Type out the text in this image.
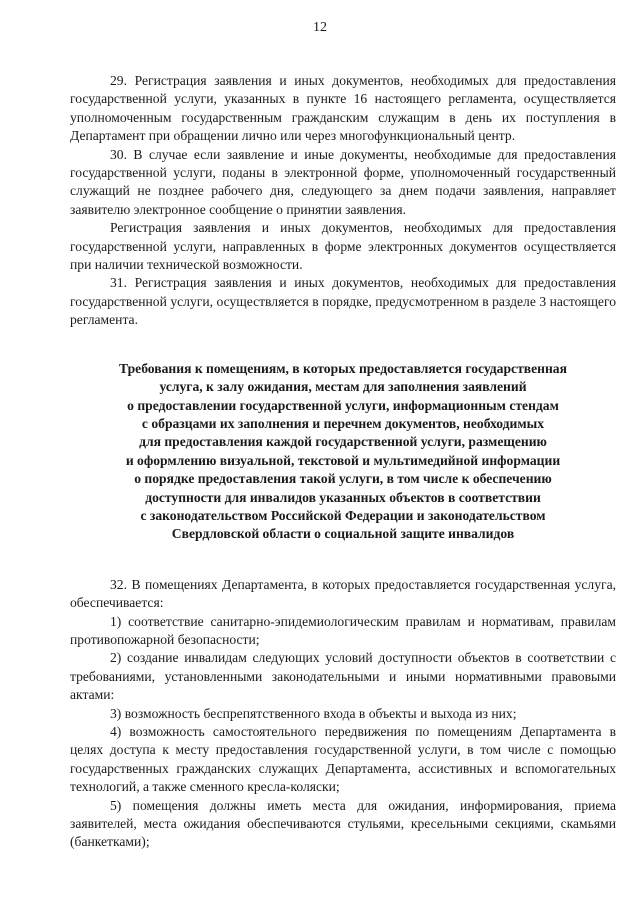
12

29. Регистрация заявления и иных документов, необходимых для предоставления государственной услуги, указанных в пункте 16 настоящего регламента, осуществляется уполномоченным государственным гражданским служащим в день их поступления в Департамент при обращении лично или через многофункциональный центр.

30. В случае если заявление и иные документы, необходимые для предоставления государственной услуги, поданы в электронной форме, уполномоченный государственный служащий не позднее рабочего дня, следующего за днем подачи заявления, направляет заявителю электронное сообщение о принятии заявления.

Регистрация заявления и иных документов, необходимых для предоставления государственной услуги, направленных в форме электронных документов осуществляется при наличии технической возможности.

31. Регистрация заявления и иных документов, необходимых для предоставления государственной услуги, осуществляется в порядке, предусмотренном в разделе 3 настоящего регламента.

Требования к помещениям, в которых предоставляется государственная
услуга, к залу ожидания, местам для заполнения заявлений
о предоставлении государственной услуги, информационным стендам
с образцами их заполнения и перечнем документов, необходимых
для предоставления каждой государственной услуги, размещению
и оформлению визуальной, текстовой и мультимедийной информации
о порядке предоставления такой услуги, в том числе к обеспечению
доступности для инвалидов указанных объектов в соответствии
с законодательством Российской Федерации и законодательством
Свердловской области о социальной защите инвалидов

32. В помещениях Департамента, в которых предоставляется государственная услуга, обеспечивается:

1) соответствие санитарно-эпидемиологическим правилам и нормативам, правилам противопожарной безопасности;

2) создание инвалидам следующих условий доступности объектов в соответствии с требованиями, установленными законодательными и иными нормативными правовыми актами:

3) возможность беспрепятственного входа в объекты и выхода из них;

4) возможность самостоятельного передвижения по помещениям Департамента в целях доступа к месту предоставления государственной услуги, в том числе с помощью государственных гражданских служащих Департамента, ассистивных и вспомогательных технологий, а также сменного кресла-коляски;

5) помещения должны иметь места для ожидания, информирования, приема заявителей, места ожидания обеспечиваются стульями, кресельными секциями, скамьями (банкетками);
